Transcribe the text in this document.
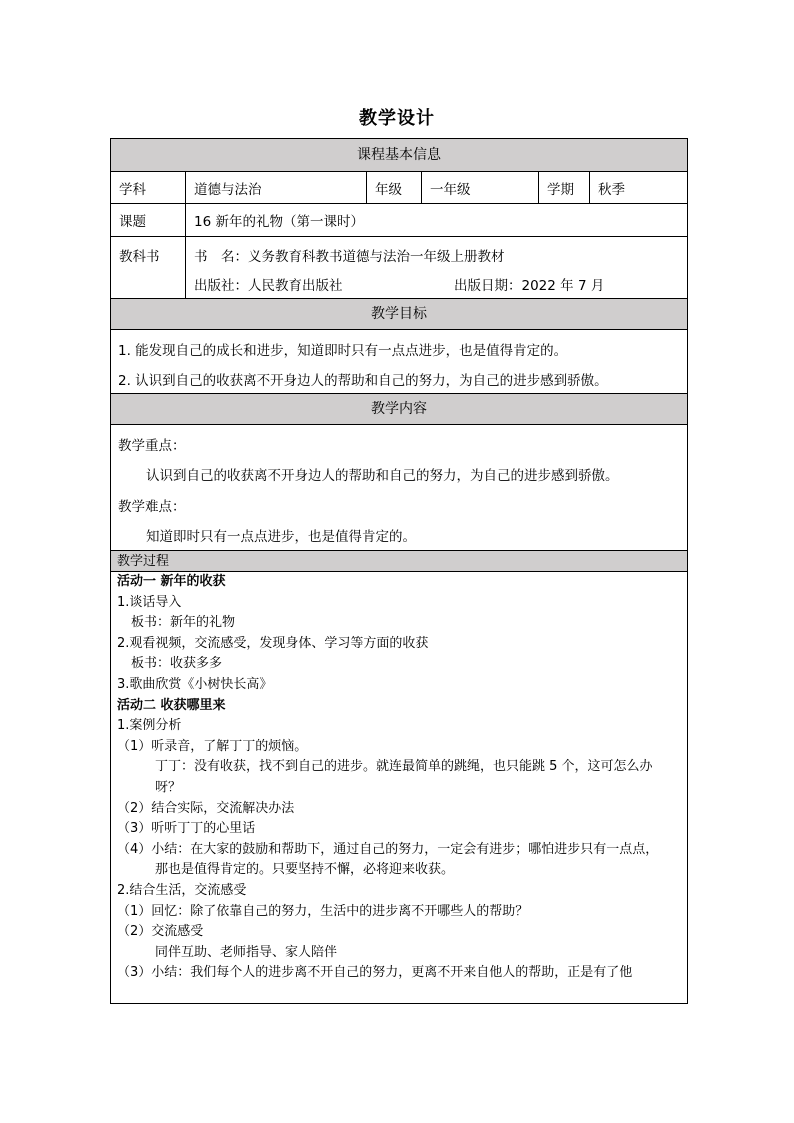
教学设计
课程基本信息
学科	道德与法治	年级	一年级	学期	秋季
课题	16 新年的礼物（第一课时）
教科书	书　名：义务教育科教书道德与法治一年级上册教材
出版社：人民教育出版社	出版日期：2022 年 7 月
教学目标
1. 能发现自己的成长和进步，知道即时只有一点点进步，也是值得肯定的。
2. 认识到自己的收获离不开身边人的帮助和自己的努力，为自己的进步感到骄傲。
教学内容
教学重点：
认识到自己的收获离不开身边人的帮助和自己的努力，为自己的进步感到骄傲。
教学难点：
知道即时只有一点点进步，也是值得肯定的。
教学过程
活动一 新年的收获
1.谈话导入
板书：新年的礼物
2.观看视频，交流感受，发现身体、学习等方面的收获
板书：收获多多
3.歌曲欣赏《小树快长高》
活动二 收获哪里来
1.案例分析
（1）听录音，了解丁丁的烦恼。
丁丁：没有收获，找不到自己的进步。就连最简单的跳绳，也只能跳 5 个，这可怎么办
呀？
（2）结合实际，交流解决办法
（3）听听丁丁的心里话
（4）小结：在大家的鼓励和帮助下，通过自己的努力，一定会有进步；哪怕进步只有一点点，
那也是值得肯定的。只要坚持不懈，必将迎来收获。
2.结合生活，交流感受
（1）回忆：除了依靠自己的努力，生活中的进步离不开哪些人的帮助？
（2）交流感受
同伴互助、老师指导、家人陪伴
（3）小结：我们每个人的进步离不开自己的努力，更离不开来自他人的帮助，正是有了他
